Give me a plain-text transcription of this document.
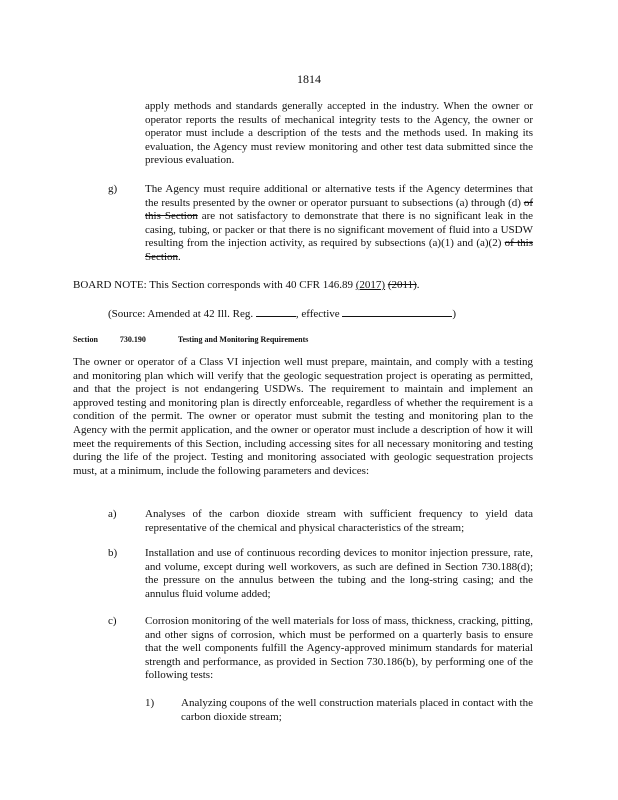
1814

apply methods and standards generally accepted in the industry. When the owner or operator reports the results of mechanical integrity tests to the Agency, the owner or operator must include a description of the tests and the methods used. In making its evaluation, the Agency must review monitoring and other test data submitted since the previous evaluation.

g)	The Agency must require additional or alternative tests if the Agency determines that the results presented by the owner or operator pursuant to subsections (a) through (d) of this Section are not satisfactory to demonstrate that there is no significant leak in the casing, tubing, or packer or that there is no significant movement of fluid into a USDW resulting from the injection activity, as required by subsections (a)(1) and (a)(2) of this Section.

BOARD NOTE: This Section corresponds with 40 CFR 146.89 (2017) (2011).
(Source: Amended at 42 Ill. Reg.	, effective	)
Section	730.190	Testing and Monitoring Requirements

The owner or operator of a Class VI injection well must prepare, maintain, and comply with a testing and monitoring plan which will verify that the geologic sequestration project is operating as permitted, and that the project is not endangering USDWs. The requirement to maintain and implement an approved testing and monitoring plan is directly enforceable, regardless of whether the requirement is a condition of the permit. The owner or operator must submit the testing and monitoring plan to the Agency with the permit application, and the owner or operator must include a description of how it will meet the requirements of this Section, including accessing sites for all necessary monitoring and testing during the life of the project. Testing and monitoring associated with geologic sequestration projects must, at a minimum, include the following parameters and devices:

a)	Analyses of the carbon dioxide stream with sufficient frequency to yield data representative of the chemical and physical characteristics of the stream;

b)	Installation and use of continuous recording devices to monitor injection pressure, rate, and volume, except during well workovers, as such are defined in Section 730.188(d); the pressure on the annulus between the tubing and the long-string casing; and the annulus fluid volume added;

c)	Corrosion monitoring of the well materials for loss of mass, thickness, cracking, pitting, and other signs of corrosion, which must be performed on a quarterly basis to ensure that the well components fulfill the Agency-approved minimum standards for material strength and performance, as provided in Section 730.186(b), by performing one of the following tests:

1) Analyzing coupons of the well construction materials placed in contact with the carbon dioxide stream;
